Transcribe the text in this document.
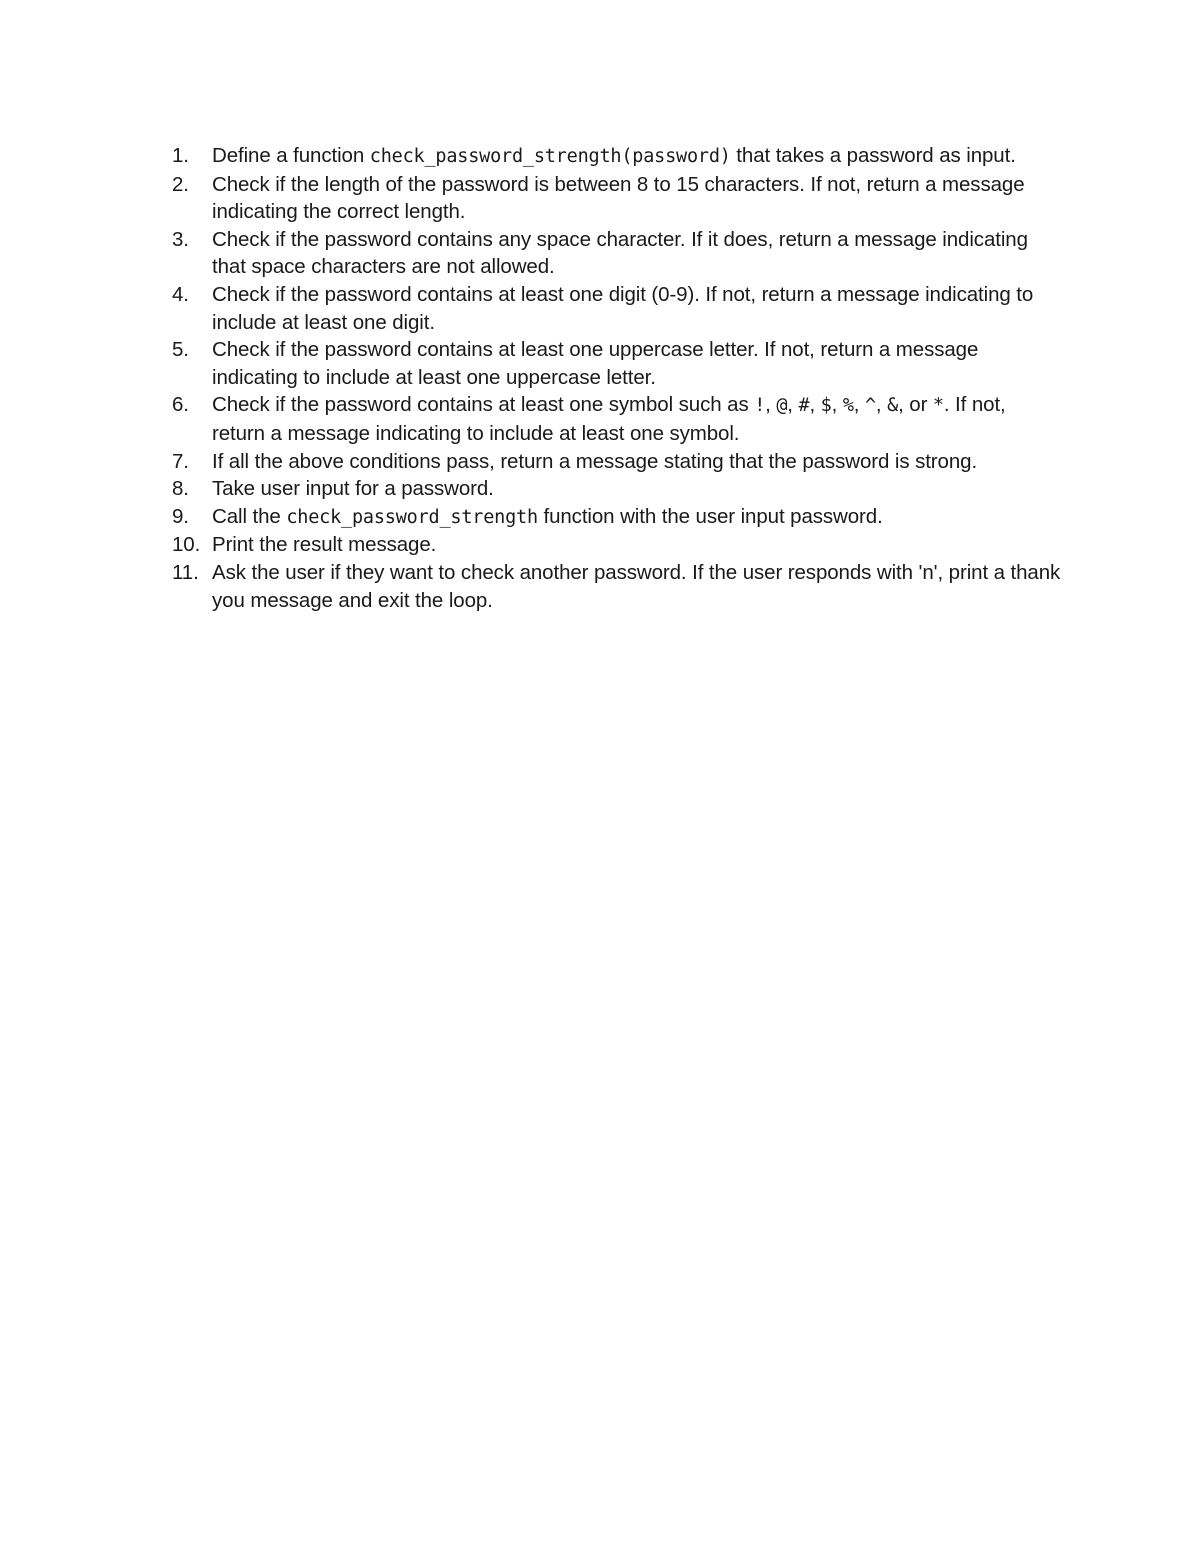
1.	Define a function check_password_strength(password) that takes a password as input.
2.	Check if the length of the password is between 8 to 15 characters. If not, return a message indicating the correct length.
3.	Check if the password contains any space character. If it does, return a message indicating that space characters are not allowed.
4.	Check if the password contains at least one digit (0-9). If not, return a message indicating to include at least one digit.
5.	Check if the password contains at least one uppercase letter. If not, return a message indicating to include at least one uppercase letter.
6.	Check if the password contains at least one symbol such as !, @, #, $, %, ^, &, or *. If not, return a message indicating to include at least one symbol.
7.	If all the above conditions pass, return a message stating that the password is strong.
8.	Take user input for a password.
9.	Call the check_password_strength function with the user input password.
10. Print the result message.
11. Ask the user if they want to check another password. If the user responds with 'n', print a thank you message and exit the loop.
